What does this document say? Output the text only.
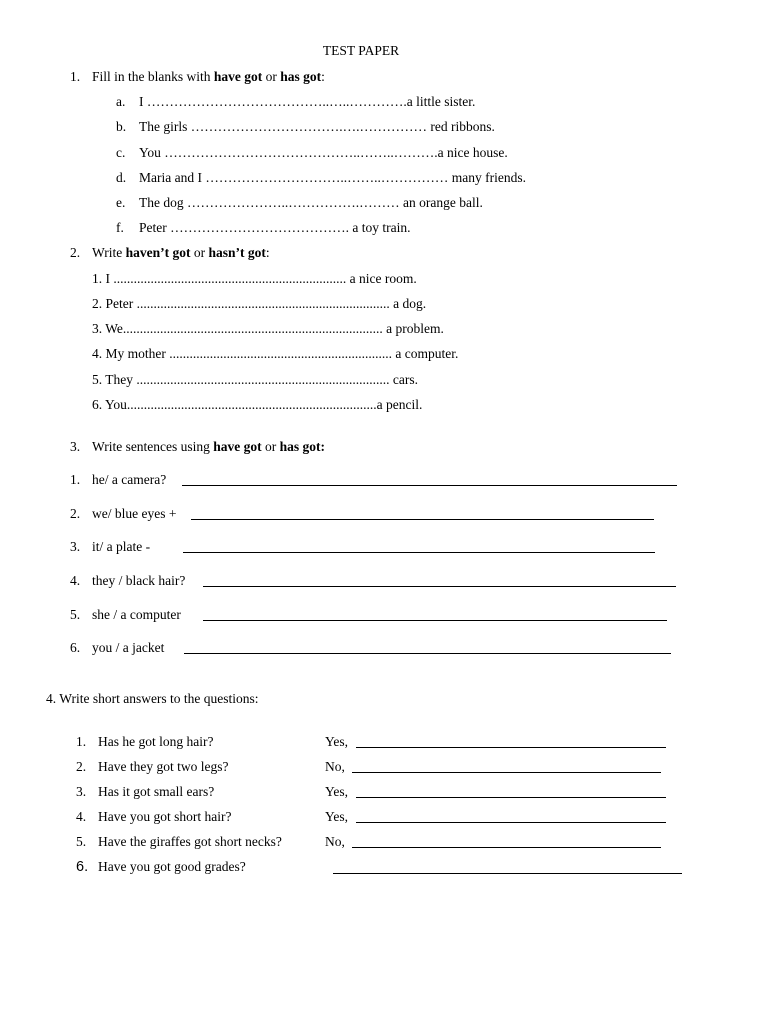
TEST PAPER
1. Fill in the blanks with have got or has got:
a. I …………………………………..…..………….a little sister.
b. The girls …………………………….….…………… red ribbons.
c. You ……………………………………..……..……….a nice house.
d. Maria and I …………………………..……..…………… many friends.
e. The dog …………………..…………….……… an orange ball.
f. Peter …………………………………. a toy train.
2. Write haven’t got or hasn’t got:
1. I ..................................................................... a nice room.
2. Peter ........................................................................... a dog.
3. We............................................................................. a problem.
4. My mother .................................................................. a computer.
5. They ........................................................................... cars.
6. You..........................................................................a pencil.
3. Write sentences using have got or has got:
1. he/ a camera?
2. we/ blue eyes +
3. it/ a plate -
4. they / black hair?
5. she / a computer
6. you / a jacket
4. Write short answers to the questions:
1. Has he got long hair?	Yes,
2. Have they got two legs?	No,
3. Has it got small ears?	Yes,
4. Have you got short hair?	Yes,
5. Have the giraffes got short necks?	No,
6. Have you got good grades?
